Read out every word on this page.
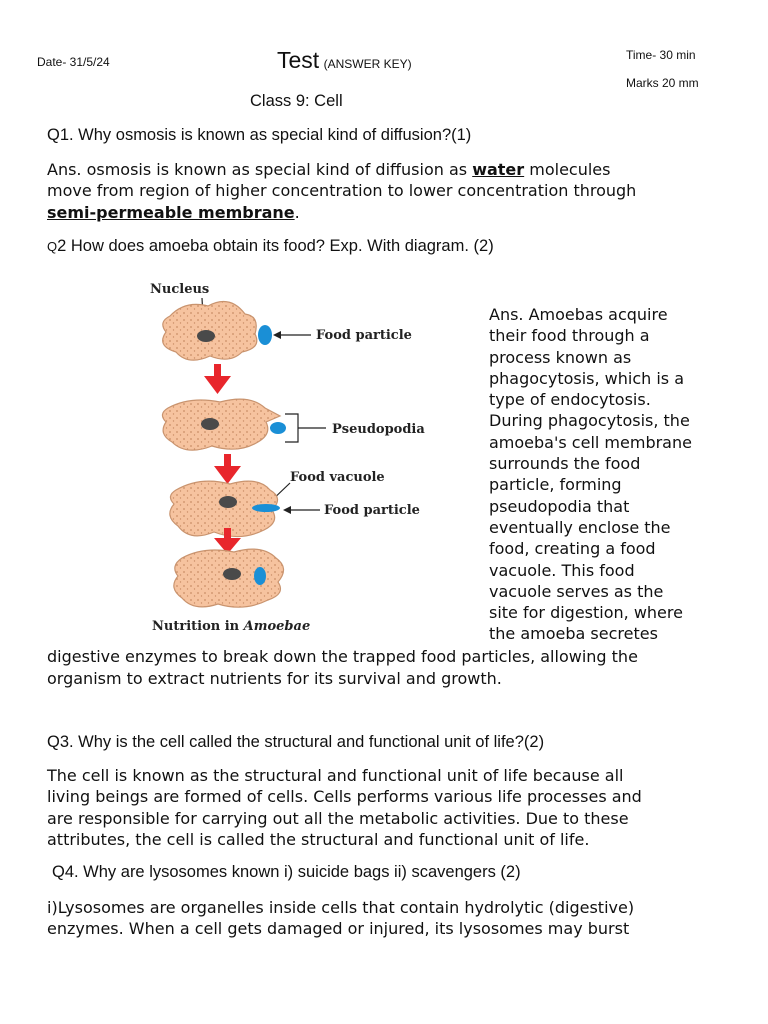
Date- 31/5/24	Test (ANSWER KEY)
Time- 30 min
Marks 20 mm
Class 9: Cell
Q1. Why osmosis is known as special kind of diffusion?(1)
Ans. osmosis is known as special kind of diffusion as water molecules
move from region of higher concentration to lower concentration through
semi-permeable membrane.
Q2 How does amoeba obtain its food? Exp. With diagram. (2)
Nucleus
Food particle
Pseudopodia
Food vacuole
Food particle
Nutrition in Amoebae
Ans. Amoebas acquire
their food through a
process known as
phagocytosis, which is a
type of endocytosis.
During phagocytosis, the
amoeba's cell membrane
surrounds the food
particle, forming
pseudopodia that
eventually enclose the
food, creating a food
vacuole. This food
vacuole serves as the
site for digestion, where
the amoeba secretes
digestive enzymes to break down the trapped food particles, allowing the
organism to extract nutrients for its survival and growth.
Q3. Why is the cell called the structural and functional unit of life?(2)
The cell is known as the structural and functional unit of life because all
living beings are formed of cells. Cells performs various life processes and
are responsible for carrying out all the metabolic activities. Due to these
attributes, the cell is called the structural and functional unit of life.
Q4. Why are lysosomes known i) suicide bags ii) scavengers (2)
i)Lysosomes are organelles inside cells that contain hydrolytic (digestive)
enzymes. When a cell gets damaged or injured, its lysosomes may burst
